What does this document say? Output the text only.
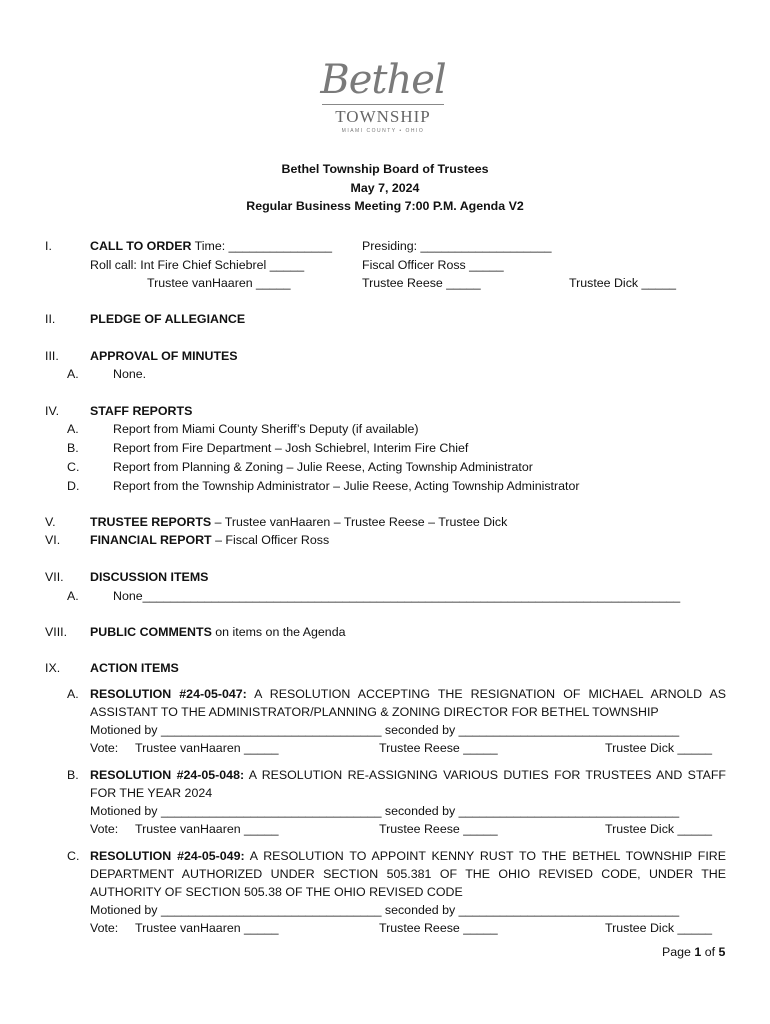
Bethel
TOWNSHIP
MIAMI COUNTY • OHIO
Bethel Township Board of Trustees
May 7, 2024
Regular Business Meeting 7:00 P.M. Agenda V2
I.	CALL TO ORDER Time: _______________ Presiding: ___________________
Roll call: Int Fire Chief Schiebrel _____	Fiscal Officer Ross _____
Trustee vanHaaren _____	Trustee Reese _____	Trustee Dick _____
II.	PLEDGE OF ALLEGIANCE
III.	APPROVAL OF MINUTES
A.	None.
IV. STAFF REPORTS
A.	Report from Miami County Sheriff’s Deputy (if available)
B.	Report from Fire Department – Josh Schiebrel, Interim Fire Chief
C.	Report from Planning & Zoning – Julie Reese, Acting Township Administrator
D.	Report from the Township Administrator – Julie Reese, Acting Township Administrator
V.	TRUSTEE REPORTS – Trustee vanHaaren – Trustee Reese – Trustee Dick
VI. FINANCIAL REPORT – Fiscal Officer Ross
VII. DISCUSSION ITEMS
A.	None______________________________________________________________________________
VIII. PUBLIC COMMENTS on items on the Agenda
IX. ACTION ITEMS
A. RESOLUTION #24-05-047: A RESOLUTION ACCEPTING THE RESIGNATION OF MICHAEL ARNOLD AS ASSISTANT TO THE ADMINISTRATOR/PLANNING & ZONING DIRECTOR FOR BETHEL TOWNSHIP
Motioned by ________________________________ seconded by ________________________________
Vote: Trustee vanHaaren _____	Trustee Reese _____	Trustee Dick _____
B. RESOLUTION #24-05-048: A RESOLUTION RE-ASSIGNING VARIOUS DUTIES FOR TRUSTEES AND STAFF FOR THE YEAR 2024
Motioned by ________________________________ seconded by ________________________________
Vote: Trustee vanHaaren _____	Trustee Reese _____	Trustee Dick _____
C. RESOLUTION #24-05-049: A RESOLUTION TO APPOINT KENNY RUST TO THE BETHEL TOWNSHIP FIRE DEPARTMENT AUTHORIZED UNDER SECTION 505.381 OF THE OHIO REVISED CODE, UNDER THE AUTHORITY OF SECTION 505.38 OF THE OHIO REVISED CODE
Motioned by ________________________________ seconded by ________________________________
Vote: Trustee vanHaaren _____	Trustee Reese _____	Trustee Dick _____
Page 1 of 5
